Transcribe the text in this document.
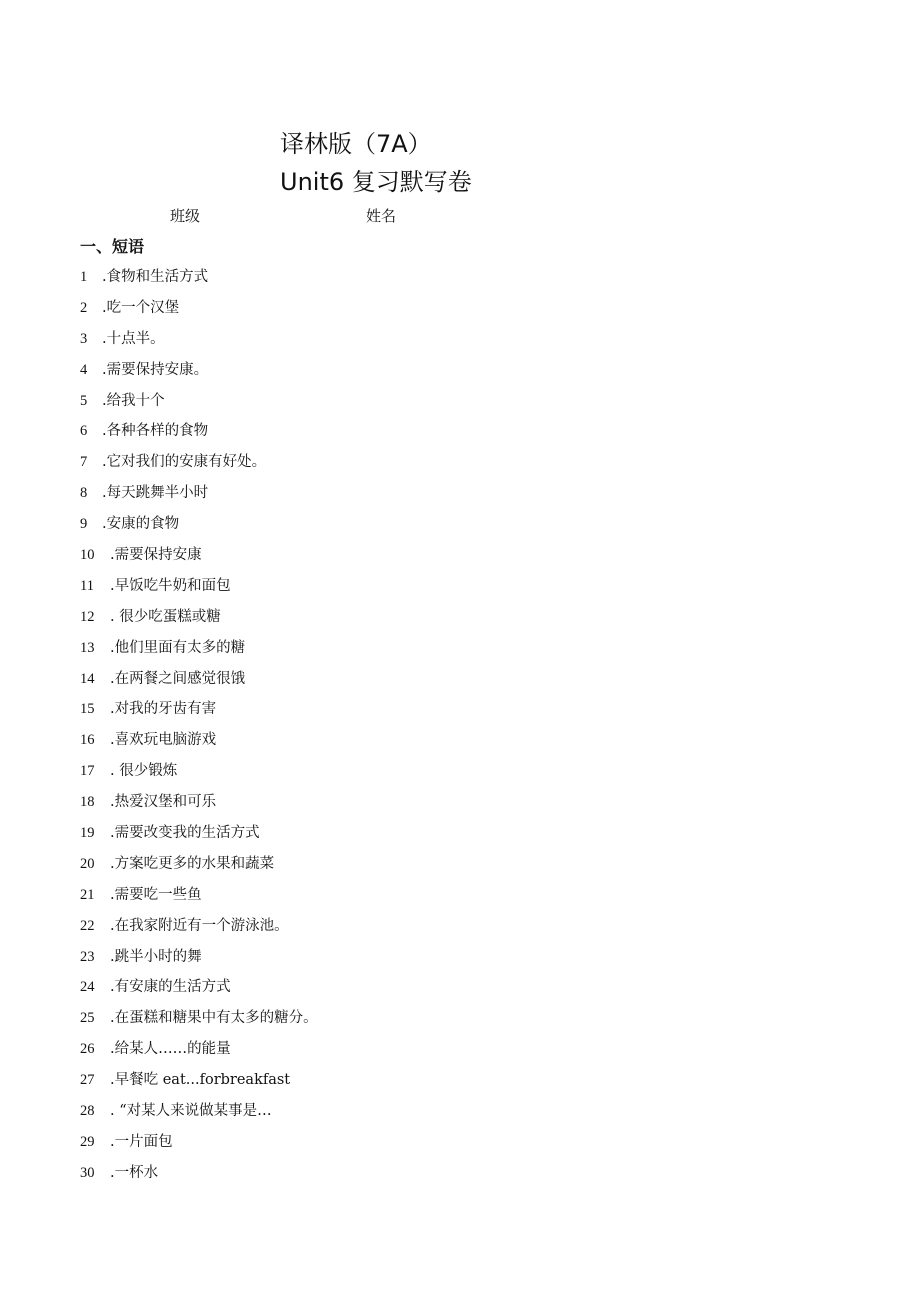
译林版（7A）
Unit6 复习默写卷
班级	姓名
一、短语
1	.食物和生活方式
2	.吃一个汉堡
3	.十点半。
4	.需要保持安康。
5	.给我十个
6	.各种各样的食物
7	.它对我们的安康有好处。
8	.每天跳舞半小时
9	.安康的食物
10	.需要保持安康
11	.早饭吃牛奶和面包
12	. 很少吃蛋糕或糖
13	.他们里面有太多的糖
14	.在两餐之间感觉很饿
15	.对我的牙齿有害
16	.喜欢玩电脑游戏
17	. 很少锻炼
18	.热爱汉堡和可乐
19	.需要改变我的生活方式
20	.方案吃更多的水果和蔬菜
21	.需要吃一些鱼
22	.在我家附近有一个游泳池。
23	.跳半小时的舞
24	.有安康的生活方式
25	.在蛋糕和糖果中有太多的糖分。
26	.给某人……的能量
27	.早餐吃 eat...forbreakfast
28	. “对某人来说做某事是…
29	.一片面包
30	.一杯水
